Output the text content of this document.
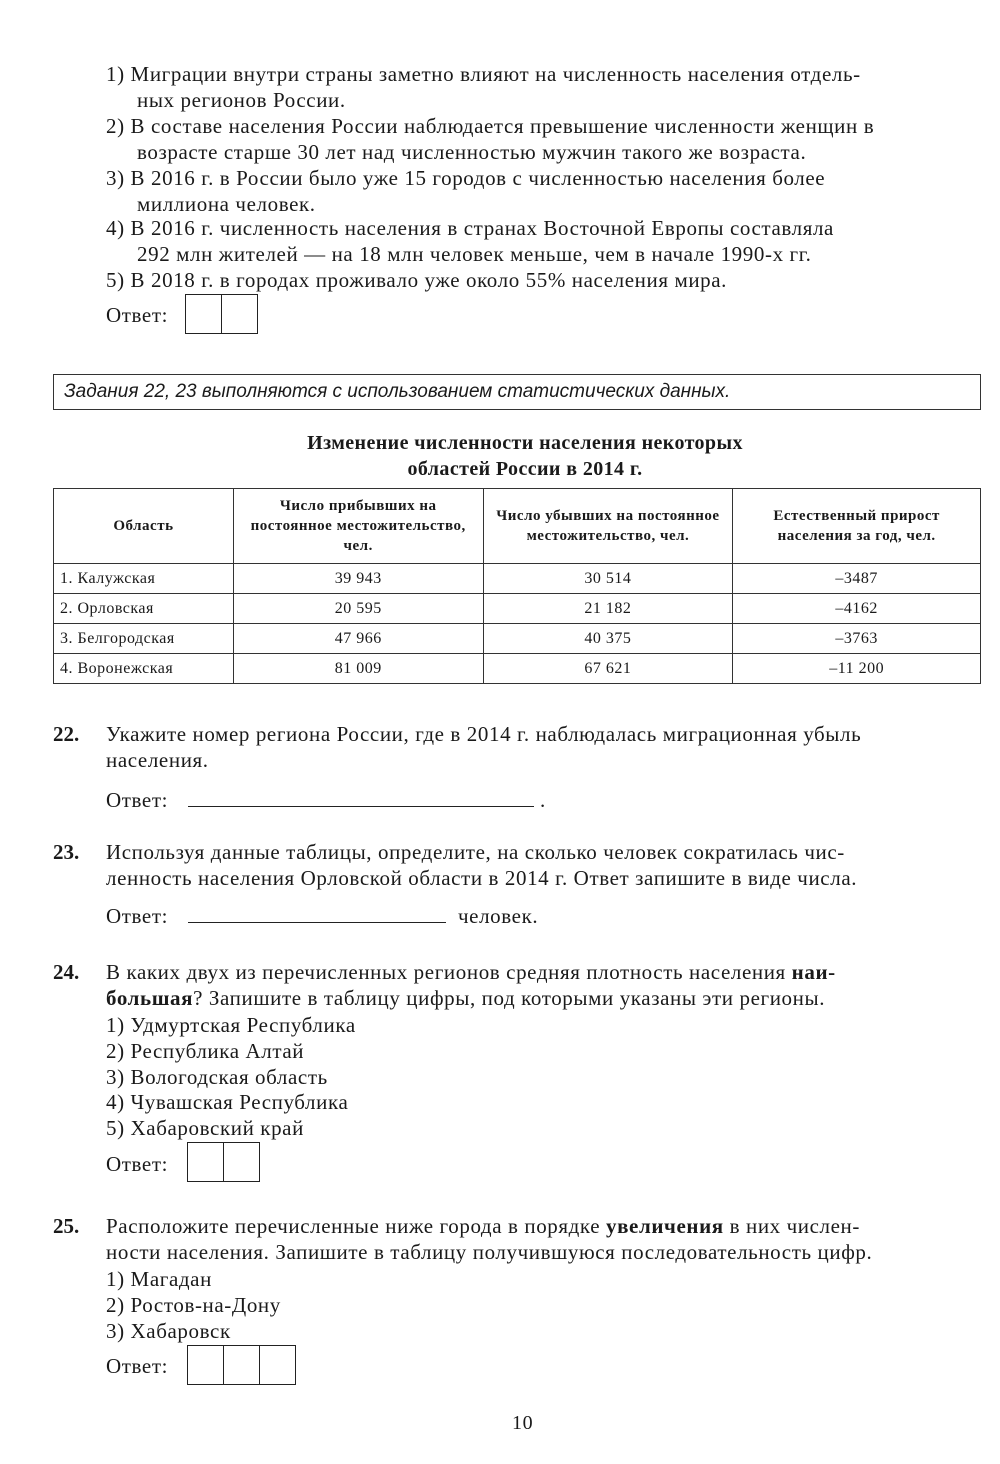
1) Миграции внутри страны заметно влияют на численность населения отдель-
ных регионов России.
2) В составе населения России наблюдается превышение численности женщин в
возрасте старше 30 лет над численностью мужчин такого же возраста.
3) В 2016 г. в России было уже 15 городов с численностью населения более
миллиона человек.
4) В 2016 г. численность населения в странах Восточной Европы составляла
292 млн жителей — на 18 млн человек меньше, чем в начале 1990-х гг.
5) В 2018 г. в городах проживало уже около 55% населения мира.
Ответ:
Задания 22, 23 выполняются с использованием статистических данных.
Изменение численности населения некоторых
областей России в 2014 г.
Область	Число прибывших на постоянное местожительство, чел.	Число убывших на постоянное местожительство, чел.	Естественный прирост населения за год, чел.
1. Калужская	39 943	30 514	–3487
2. Орловская	20 595	21 182	–4162
3. Белгородская	47 966	40 375	–3763
4. Воронежская	81 009	67 621	–11 200
22. Укажите номер региона России, где в 2014 г. наблюдалась миграционная убыль
населения.
Ответ:	.
23. Используя данные таблицы, определите, на сколько человек сократилась чис-
ленность населения Орловской области в 2014 г. Ответ запишите в виде числа.
Ответ:	человек.
24. В каких двух из перечисленных регионов средняя плотность населения наи-
большая? Запишите в таблицу цифры, под которыми указаны эти регионы.
1) Удмуртская Республика
2) Республика Алтай
3) Вологодская область
4) Чувашская Республика
5) Хабаровский край
Ответ:
25. Расположите перечисленные ниже города в порядке увеличения в них числен-
ности населения. Запишите в таблицу получившуюся последовательность цифр.
1) Магадан
2) Ростов-на-Дону
3) Хабаровск
Ответ:
10
